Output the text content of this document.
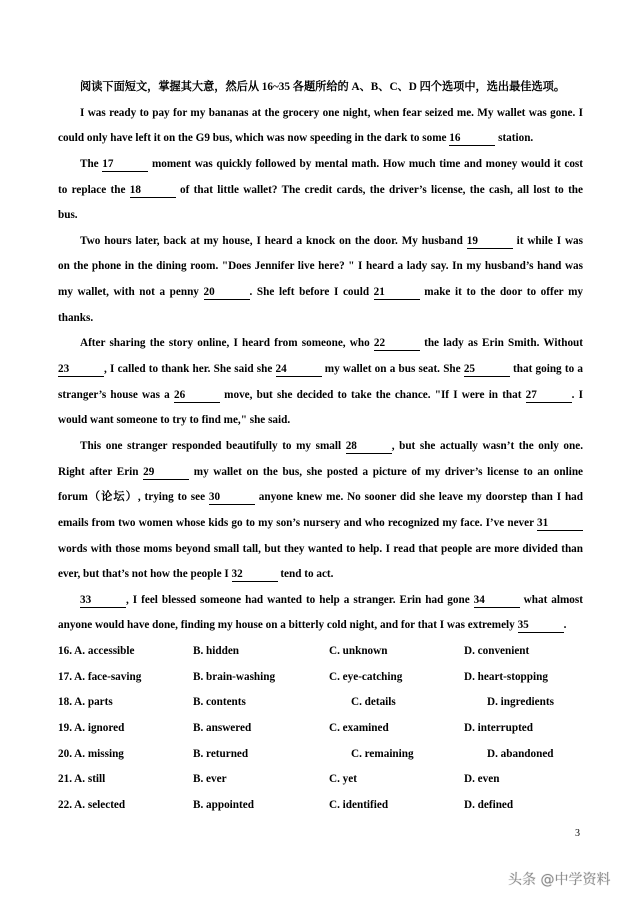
阅读下面短文，掌握其大意，然后从 16~35 各题所给的 A、B、C、D 四个选项中，选出最佳选项。
I was ready to pay for my bananas at the grocery one night, when fear seized me. My wallet was gone. I
could only have left it on the G9 bus, which was now speeding in the dark to some 16	station.
The 17	moment was quickly followed by mental math. How much time and money would it cost
to replace the 18	of that little wallet? The credit cards, the driver’s license, the cash, all lost to the
bus.
Two hours later, back at my house, I heard a knock on the door. My husband 19	it while I was
on the phone in the dining room. "Does Jennifer live here? " I heard a lady say. In my husband’s hand was
my wallet, with not a penny 20	. She left before I could 21	make it to the door to offer my
thanks.
After sharing the story online, I heard from someone, who 22	the lady as Erin Smith. Without
23	, I called to thank her. She said she 24	my wallet on a bus seat. She 25	that going to a
stranger’s house was a 26	move, but she decided to take the chance. "If I were in that 27	. I
would want someone to try to find me," she said.
This one stranger responded beautifully to my small 28	, but she actually wasn’t the only one.
Right after Erin 29	my wallet on the bus, she posted a picture of my driver’s license to an online
forum（论坛）, trying to see 30	anyone knew me. No sooner did she leave my doorstep than I had
emails from two women whose kids go to my son’s nursery and who recognized my face. I’ve never 31
words with those moms beyond small tall, but they wanted to help. I read that people are more divided than
ever, but that’s not how the people I 32	tend to act.
33	, I feel blessed someone had wanted to help a stranger. Erin had gone 34	what almost
anyone would have done, finding my house on a bitterly cold night, and for that I was extremely 35	.
16. A. accessible	B. hidden	C. unknown	D. convenient
17. A. face-saving	B. brain-washing	C. eye-catching	D. heart-stopping
18. A. parts	B. contents	C. details	D. ingredients
19. A. ignored	B. answered	C. examined	D. interrupted
20. A. missing	B. returned	C. remaining	D. abandoned
21. A. still	B. ever	C. yet	D. even
22. A. selected	B. appointed	C. identified	D. defined
3
头条 @中学资料
